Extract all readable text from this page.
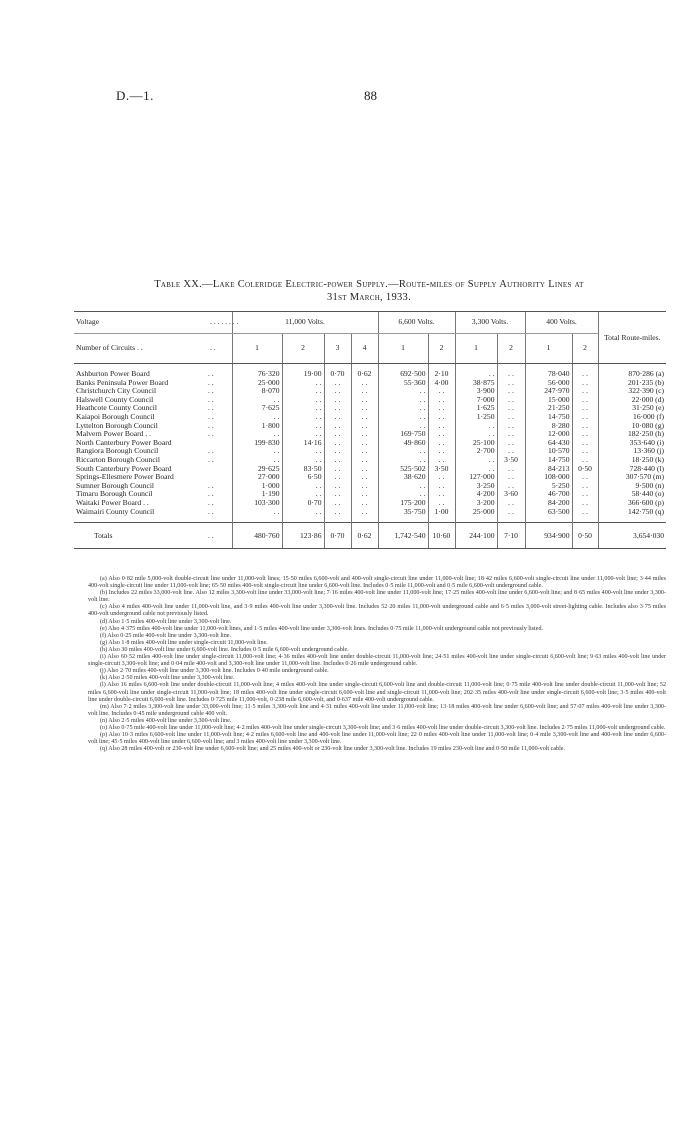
D.—1.	88
Table XX.—Lake Coleridge Electric-power Supply.—Route-miles of Supply Authority Lines at
31st March, 1933.
Voltage	. . . . . . . .	11,000 Volts.				6,600 Volts.		3,300 Volts.		400 Volts.		Total Route-miles.
Number of Circuits . .	. .	1	2	3	4	1	2	1	2	1	2	

Ashburton Power Board	. .	76·320	19·00	0·70	0·62	692·500	2·10	. .	. .	78·040	. .	870·286 (a)
Banks Peninsula Power Board	. .	25·000	. .	. .	. .	55·360	4·00	38·875	. .	56·000	. .	201·235 (b)
Christchurch City Council	. .	8·070	. .	. .	. .	. .	. .	3·900	. .	247·970	. .	322·390 (c)
Halswell County Council	. .	. .	. .	. .	. .	. .	. .	7·000	. .	15·000	. .	22·000 (d)
Heathcote County Council	. .	7·625	. .	. .	. .	. .	. .	1·625	. .	21·250	. .	31·250 (e)
Kaiapoi Borough Council	. .	. .	. .	. .	. .	. .	. .	1·250	. .	14·750	. .	16·000 (f)
Lyttelton Borough Council	. .	1·800	. .	. .	. .	. .	. .	. .	. .	8·280	. .	10·080 (g)
Malvern Power Board . .	. .	. .	. .	. .	. .	169·750	. .	. .	. .	12·000	. .	182·250 (h)
North Canterbury Power Board		199·830	14·16	. .	. .	49·860	. .	25·100	. .	64·430	. .	353·640 (i)
Rangiora Borough Council	. .	. .	. .	. .	. .	. .	. .	2·700	. .	10·570	. .	13·360 (j)
Riccarton Borough Council	. .	. .	. .	. .	. .	. .	. .	. .	3·50	14·750	. .	18·250 (k)
South Canterbury Power Board		29·625	83·50	. .	. .	525·502	3·50	. .	. .	84·213	0·50	728·440 (l)
Springs-Ellesmere Power Board		27·000	6·50	. .	. .	38·620	. .	127·000	. .	108·000	. .	307·570 (m)
Sumner Borough Council	. .	1·000	. .	. .	. .	. .	. .	3·250	. .	5·250	. .	9·500 (n)
Timaru Borough Council	. .	1·190	. .	. .	. .	. .	. .	4·200	3·60	46·700	. .	58·440 (o)
Waitaki Power Board . .	. .	103·300	0·70	. .	. .	175·200	. .	3·200	. .	84·200	. .	366·600 (p)
Waimairi County Council	. .	. .	. .	. .	. .	35·750	1·00	25·000	. .	63·500	. .	142·750 (q)

Totals	. .	480·760	123·86	0·70	0·62	1,742·540	10·60	244·100	7·10	934·900	0·50	3,654·030

(a) Also 0·82 mile 5,000-volt double-circuit line under 11,000-volt lines; 15·50 miles 6,600-volt and 400-volt single-circuit line under 11,000-volt line; 18·42 miles 6,600-volt single-circuit line under 11,000-volt line; 3·44 miles 400-volt single-circuit line under 11,000-volt line; 65·50 miles 400-volt single-circuit line under 6,600-volt line. Includes 0·5 mile 11,000-volt and 0·5 mile 6,600-volt underground cable.

(b) Includes 22 miles 33,000-volt line. Also 12 miles 3,300-volt line under 33,000-volt line; 7·16 miles 400-volt line under 11,000-volt line; 17·25 miles 400-volt line under 6,600-volt line; and 8·65 miles 400-volt line under 3,300-volt line.

(c) Also 4 miles 400-volt line under 11,000-volt line, and 3·9 miles 400-volt line under 3,300-volt line. Includes 52·20 miles 11,000-volt underground cable and 6·5 miles 3,000-volt street-lighting cable. Includes also 3·75 miles 400-volt underground cable not previously listed.

(d) Also 1·5 miles 400-volt line under 3,300-volt line.

(e) Also 4·375 miles 400-volt line under 11,000-volt lines, and 1·5 miles 400-volt line under 3,300-volt lines. Includes 0·75 mile 11,000-volt underground cable not previously listed.

(f) Also 0·25 mile 400-volt line under 3,300-volt line.

(g) Also 1·8 miles 400-volt line under single-circuit 11,000-volt line.

(h) Also 30 miles 400-volt line under 6,600-volt line. Includes 0·5 mile 6,600-volt underground cable.

(i) Also 60·52 miles 400-volt line under single-circuit 11,000-volt line; 4·36 miles 400-volt line under double-circuit 11,000-volt line; 24·51 miles 400-volt line under single-circuit 6,600-volt line; 9·63 miles 400-volt line under single-circuit 3,300-volt line; and 0·04 mile 400-volt and 3,300-volt line under 11,000-volt line. Includes 0·26 mile underground cable.

(j) Also 2·70 miles 400-volt line under 3,300-volt line. Includes 0·40 mile underground cable.

(k) Also 2·50 miles 400-volt line under 3,300-volt line.

(l) Also 16 miles 6,600-volt line under double-circuit 11,000-volt line; 4 miles 400-volt line under single-circuit 6,600-volt line and double-circuit 11,000-volt line; 0·75 mile 400-volt line under double-circuit 11,000-volt line; 52 miles 6,600-volt line under single-circuit 11,000-volt line; 18 miles 400-volt line under single-circuit 6,600-volt line and single-circuit 11,000-volt line; 202·35 miles 400-volt line under single-circuit 6,600-volt line; 3·5 miles 400-volt line under double-circuit 6,600-volt line. Includes 0·725 mile 11,000-volt, 0·238 mile 6,600-volt, and 0·637 mile 400-volt underground cable.

(m) Also 7·2 miles 3,300-volt line under 33,000-volt line; 11·5 miles 3,300-volt line and 4·31 miles 400-volt line under 11,000-volt line; 13·18 miles 400-volt line under 6,600-volt line; and 57·07 miles 400-volt line under 3,300-volt line. Includes 0·45 mile underground cable 400 volt.

(n) Also 2·5 miles 400-volt line under 3,300-volt line.

(o) Also 0·75 mile 400-volt line under 11,000-volt line; 4·2 miles 400-volt line under single-circuit 3,300-volt line; and 3·6 miles 400-volt line under double-circuit 3,300-volt line. Includes 2·75 miles 11,000-volt underground cable.

(p) Also 10·3 miles 6,600-volt line under 11,000-volt line; 4·2 miles 6,600-volt line and 400-volt line under 11,000-volt line; 22·0 miles 400-volt line under 11,000-volt line; 0·4 mile 3,300-volt line and 400-volt line under 6,600-volt line; 45·5 miles 400-volt line under 6,600-volt line; and 3 miles 400-volt line under 3,300-volt line.

(q) Also 28 miles 400-volt or 230-volt line under 6,600-volt line; and 25 miles 400-volt or 230-volt line under 3,300-volt line. Includes 19 miles 230-volt line and 0·50 mile 11,000-volt cable.
